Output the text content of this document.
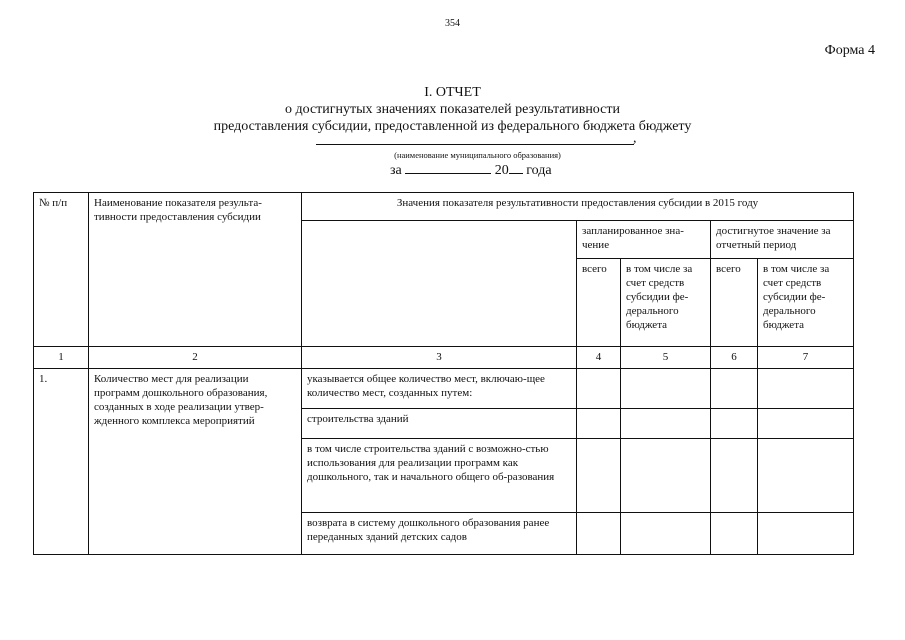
354
Форма 4
I. ОТЧЕТ
о достигнутых значениях показателей результативности
предоставления субсидии, предоставленной из федерального бюджета бюджету
,
(наименование муниципального образования)
за	20 года
№ п/п	Наименование показателя результа-тивности предоставления субсидии	Значения показателя результативности предоставления субсидии в 2015 году				
			запланированное зна-чение		достигнутое значение за отчетный период	
			всего	в том числе за счет средств субсидии фе-дерального бюджета	всего	в том числе за счет средств субсидии фе-дерального бюджета
1	2	3	4	5	6	7
1.	Количество мест для реализации программ дошкольного образования, созданных в ходе реализации утвер-жденного комплекса мероприятий	указывается общее количество мест, включаю-щее количество мест, созданных путем:				
		строительства зданий				
		в том числе строительства зданий с возможно-стью использования для реализации программ как дошкольного, так и начального общего об-разования				
		возврата в систему дошкольного образования ранее переданных зданий детских садов				
